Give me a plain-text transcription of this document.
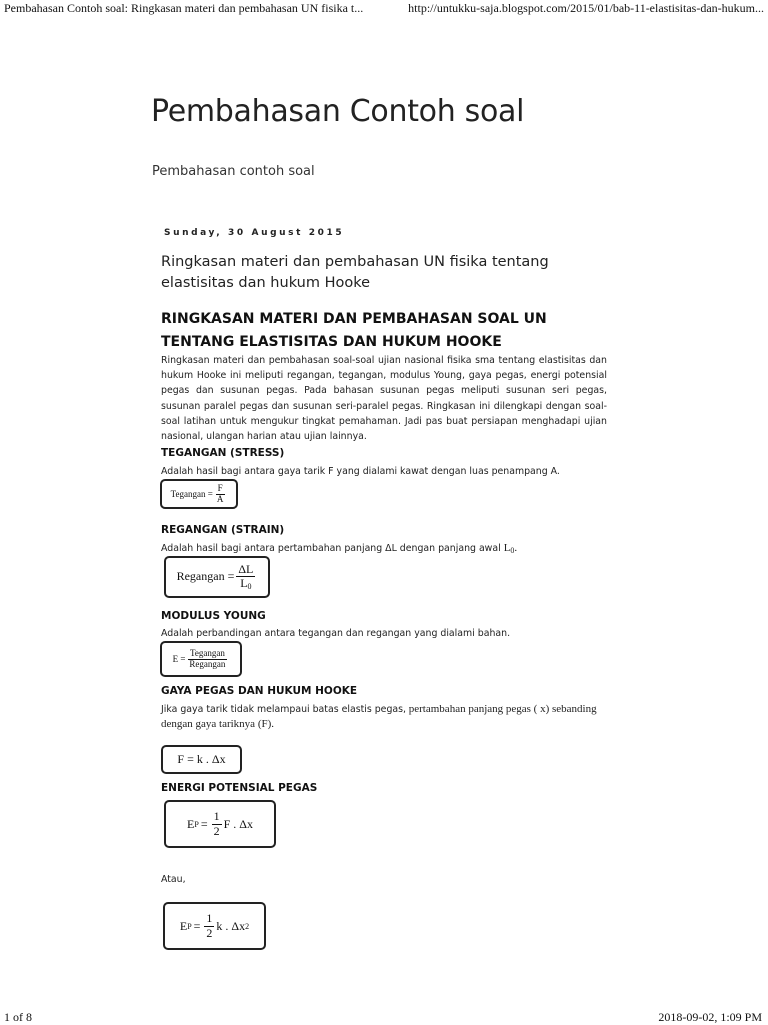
Pembahasan Contoh soal: Ringkasan materi dan pembahasan UN fisika t...	http://untukku-saja.blogspot.com/2015/01/bab-11-elastisitas-dan-hukum...
Pembahasan Contoh soal
Pembahasan contoh soal
Sunday, 30 August 2015
Ringkasan materi dan pembahasan UN fisika tentang elastisitas dan hukum Hooke
RINGKASAN MATERI DAN PEMBAHASAN SOAL UN TENTANG ELASTISITAS DAN HUKUM HOOKE

Ringkasan materi dan pembahasan soal-soal ujian nasional fisika sma tentang elastisitas dan hukum Hooke ini meliputi regangan, tegangan, modulus Young, gaya pegas, energi potensial pegas dan susunan pegas. Pada bahasan susunan pegas meliputi susunan seri pegas, susunan paralel pegas dan susunan seri-paralel pegas. Ringkasan ini dilengkapi dengan soal-soal latihan untuk mengukur tingkat pemahaman. Jadi pas buat persiapan menghadapi ujian nasional, ulangan harian atau ujian lainnya.

TEGANGAN (STRESS)
Adalah hasil bagi antara gaya tarik F yang dialami kawat dengan luas penampang A.
Tegangan = $\frac{F}{A}$
REGANGAN (STRAIN)
Adalah hasil bagi antara pertambahan panjang ΔL dengan panjang awal $L_0$.
Regangan = $\frac{\Delta L}{L_0}$
MODULUS YOUNG
Adalah perbandingan antara tegangan dan regangan yang dialami bahan.
$E = \frac{\text{Tegangan}}{\text{Regangan}}$
GAYA PEGAS DAN HUKUM HOOKE
Jika gaya tarik tidak melampaui batas elastis pegas, pertambahan panjang pegas ( x) sebanding dengan gaya tariknya (F).
F = k . Δx
ENERGI POTENSIAL PEGAS
E $P = \frac{1}{2}$ F . Δx
Atau,
E $P = \frac{1}{2}$ k . Δx 2
1 of 8	2018-09-02, 1:09 PM
